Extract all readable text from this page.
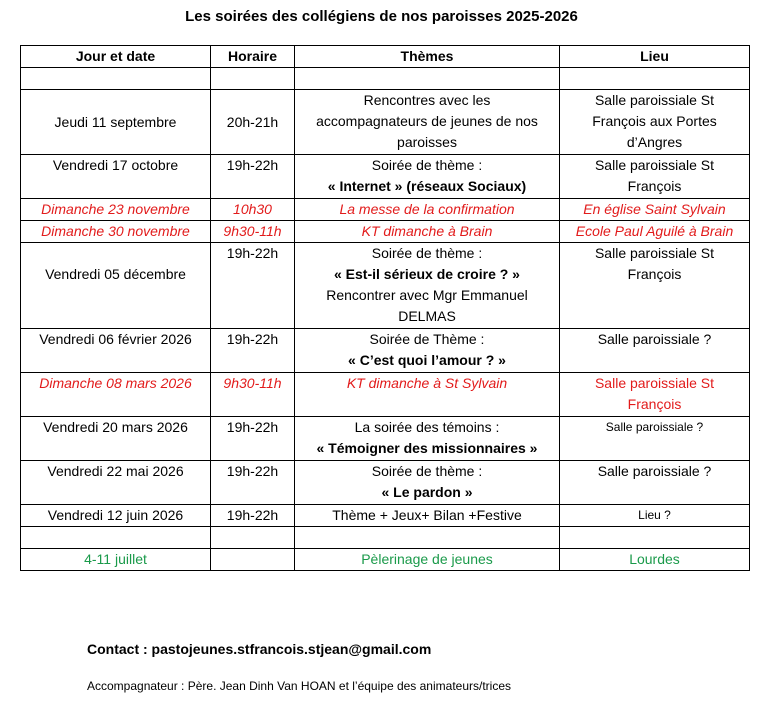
Les soirées des collégiens de nos paroisses 2025-2026
Jour et date	Horaire	Thèmes	Lieu

Jeudi 11 septembre	20h-21h	Rencontres avec les
accompagnateurs de jeunes de nos
paroisses	Salle paroissiale St
François aux Portes
d’Angres

Vendredi 17 octobre	19h-22h	Soirée de thème :
« Internet » (réseaux Sociaux)	Salle paroissiale St
François

Dimanche 23 novembre	10h30	La messe de la confirmation	En église Saint Sylvain
Dimanche 30 novembre	9h30-11h	KT dimanche à Brain	Ecole Paul Aguilé à Brain
Vendredi 05 décembre	19h-22h	Soirée de thème :
« Est-il sérieux de croire ? »
Rencontrer avec Mgr Emmanuel
DELMAS	Salle paroissiale St
François

Vendredi 06 février 2026	19h-22h	Soirée de Thème :
« C’est quoi l’amour ? »	Salle paroissiale ?
Dimanche 08 mars 2026	9h30-11h	KT dimanche à St Sylvain	Salle paroissiale St
François

Vendredi 20 mars 2026	19h-22h	La soirée des témoins :
« Témoigner des missionnaires »	Salle paroissiale ?
Vendredi 22 mai 2026	19h-22h	Soirée de thème :
« Le pardon »	Salle paroissiale ?
Vendredi 12 juin 2026	19h-22h	Thème + Jeux+ Bilan +Festive	Lieu ?

4-11 juillet		Pèlerinage de jeunes	Lourdes
Contact : pastojeunes.stfrancois.stjean@gmail.com
Accompagnateur : Père. Jean Dinh Van HOAN et l’équipe des animateurs/trices
